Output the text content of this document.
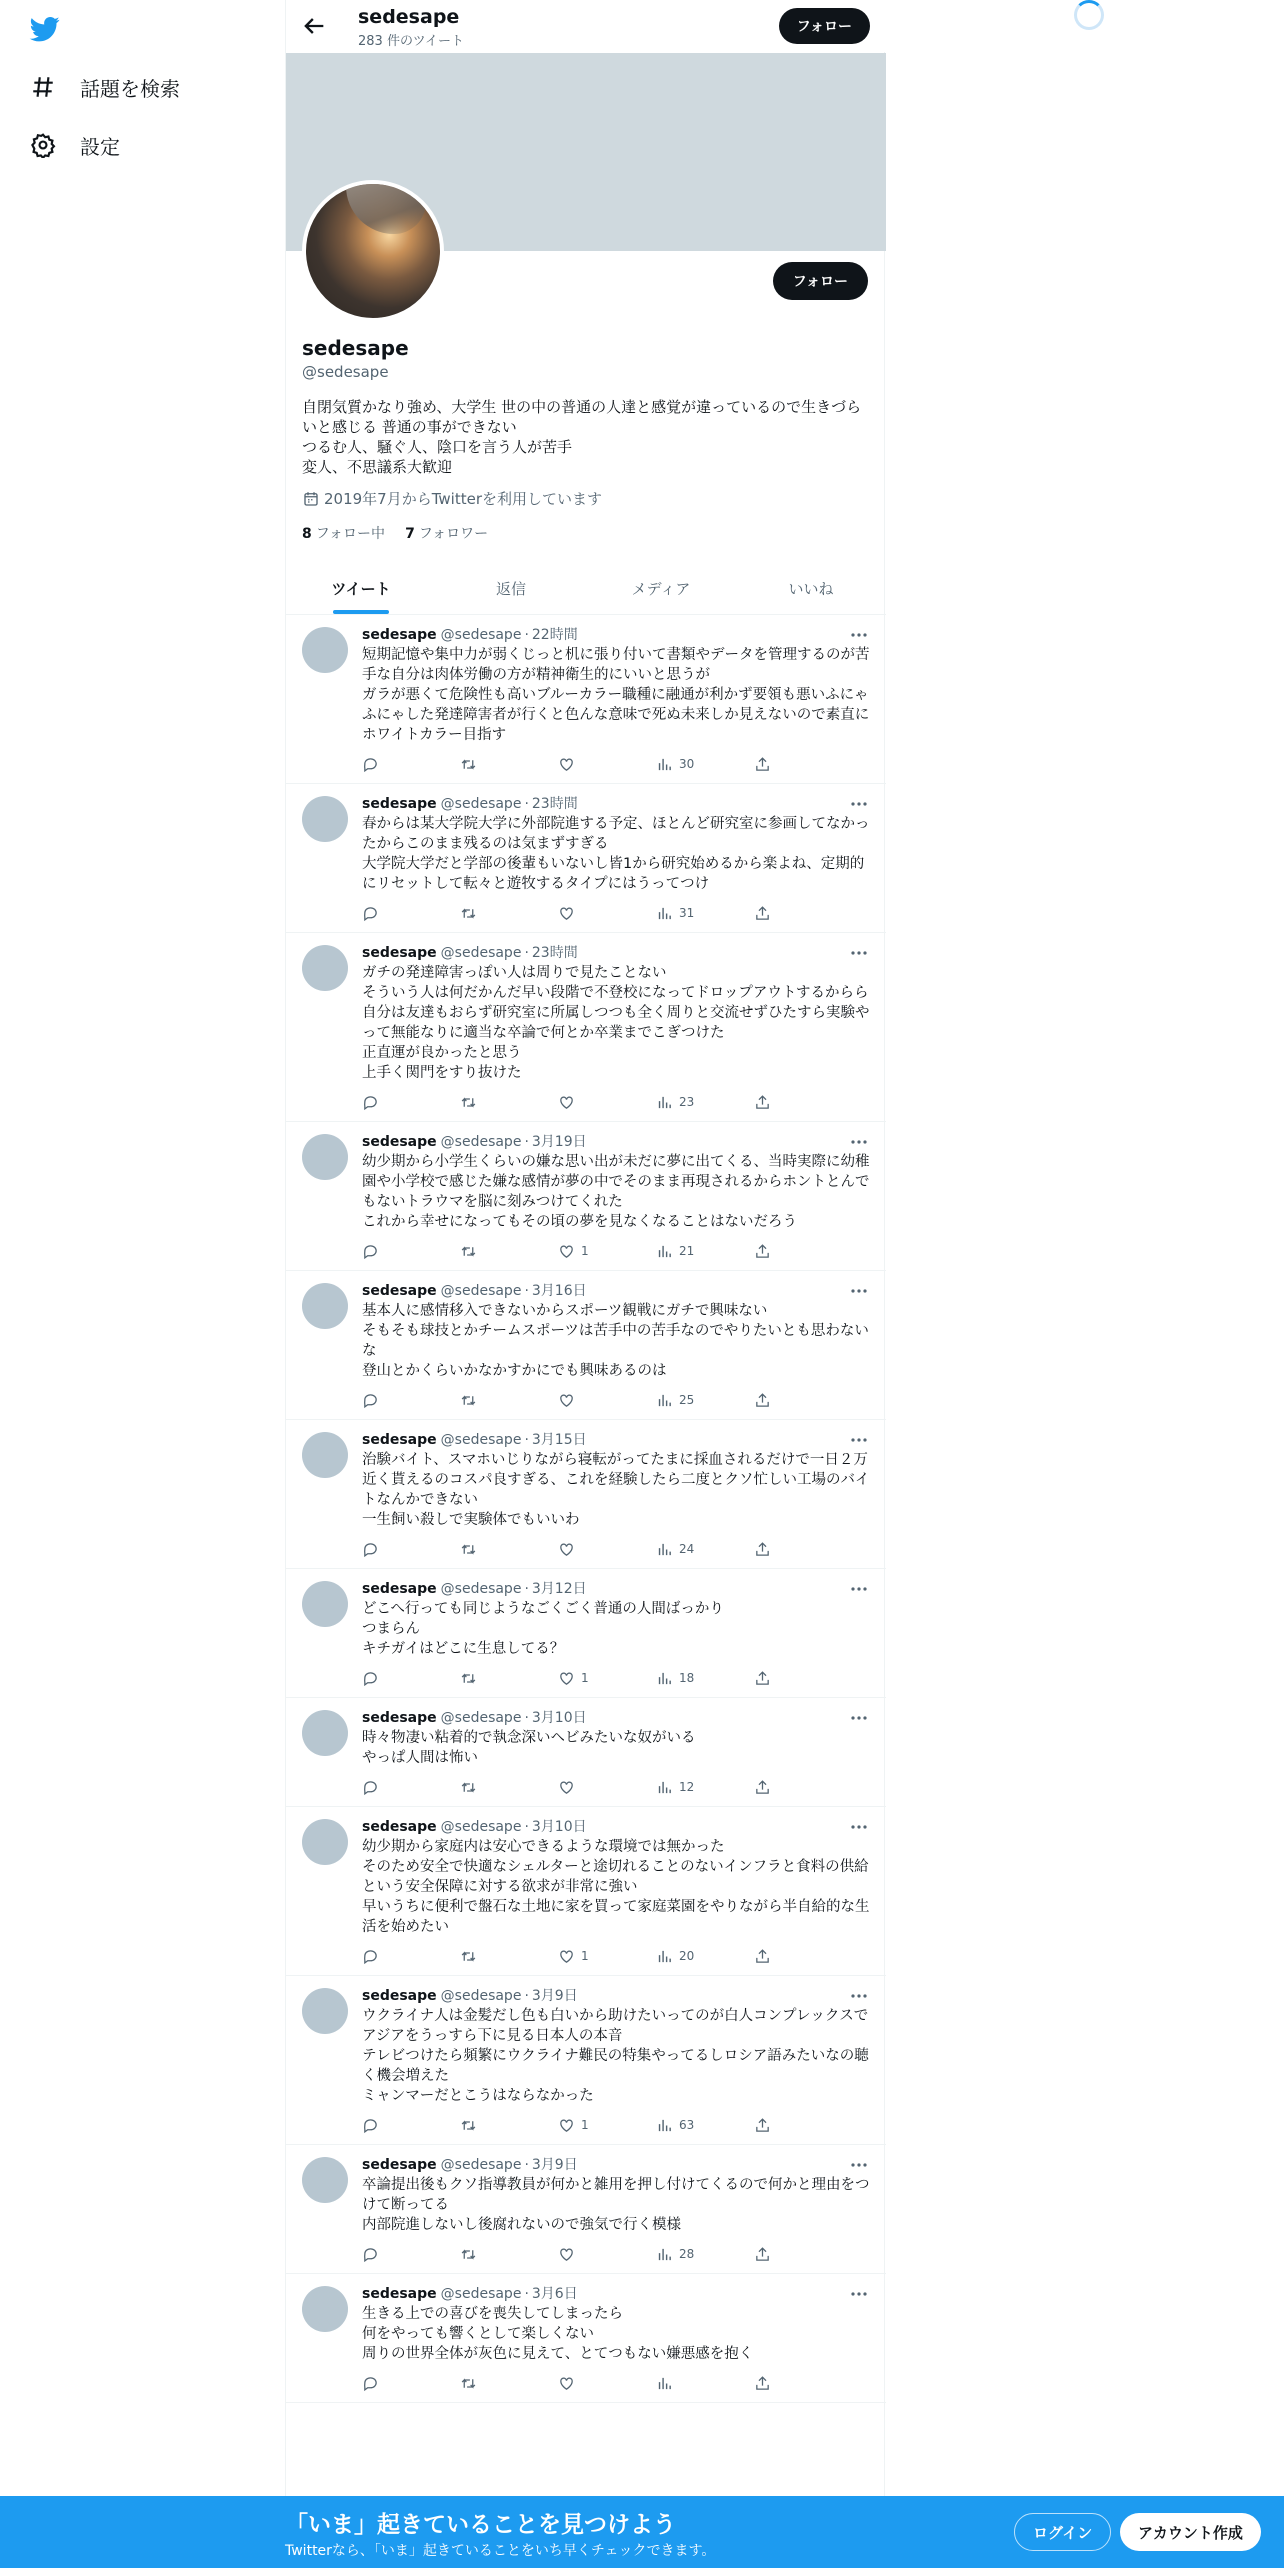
話題を検索
設定
sedesape
283 件のツイート
フォロー
フォロー
sedesape
@sedesape
自閉気質かなり強め、大学生 世の中の普通の人達と感覚が違っているので生きづらいと感じる 普通の事ができない
つるむ人、騒ぐ人、陰口を言う人が苦手
変人、不思議系大歓迎
2019年7月からTwitterを利用しています
8 フォロー中 7 フォロワー
ツイート	返信	メディア	いいね
sedesape @sedesape · 22時間
短期記憶や集中力が弱くじっと机に張り付いて書類やデータを管理するのが苦手な自分は肉体労働の方が精神衛生的にいいと思うが
ガラが悪くて危険性も高いブルーカラー職種に融通が利かず要領も悪いふにゃふにゃした発達障害者が行くと色んな意味で死ぬ未来しか見えないので素直にホワイトカラー目指す
30
sedesape @sedesape · 23時間
春からは某大学院大学に外部院進する予定、ほとんど研究室に参画してなかったからこのまま残るのは気まずすぎる
大学院大学だと学部の後輩もいないし皆1から研究始めるから楽よね、定期的にリセットして転々と遊牧するタイプにはうってつけ
31
sedesape @sedesape · 23時間
ガチの発達障害っぽい人は周りで見たことない
そういう人は何だかんだ早い段階で不登校になってドロップアウトするからら
自分は友達もおらず研究室に所属しつつも全く周りと交流せずひたすら実験やって無能なりに適当な卒論で何とか卒業までこぎつけた
正直運が良かったと思う
上手く関門をすり抜けた
23
sedesape @sedesape · 3月19日
幼少期から小学生くらいの嫌な思い出が未だに夢に出てくる、当時実際に幼稚園や小学校で感じた嫌な感情が夢の中でそのまま再現されるからホントとんでもないトラウマを脳に刻みつけてくれた
これから幸せになってもその頃の夢を見なくなることはないだろう
1	21
sedesape @sedesape · 3月16日
基本人に感情移入できないからスポーツ観戦にガチで興味ない
そもそも球技とかチームスポーツは苦手中の苦手なのでやりたいとも思わないな
登山とかくらいかなかすかにでも興味あるのは
25
sedesape @sedesape · 3月15日
治験バイト、スマホいじりながら寝転がってたまに採血されるだけで一日２万近く貰えるのコスパ良すぎる、これを経験したら二度とクソ忙しい工場のバイトなんかできない
一生飼い殺しで実験体でもいいわ
24
sedesape @sedesape · 3月12日
どこへ行っても同じようなごくごく普通の人間ばっかり
つまらん
キチガイはどこに生息してる？
1	18
sedesape @sedesape · 3月10日
時々物凄い粘着的で執念深いヘビみたいな奴がいる
やっぱ人間は怖い
12
sedesape @sedesape · 3月10日
幼少期から家庭内は安心できるような環境では無かった
そのため安全で快適なシェルターと途切れることのないインフラと食料の供給という安全保障に対する欲求が非常に強い
早いうちに便利で盤石な土地に家を買って家庭菜園をやりながら半自給的な生活を始めたい
1	20
sedesape @sedesape · 3月9日
ウクライナ人は金髪だし色も白いから助けたいってのが白人コンプレックスでアジアをうっすら下に見る日本人の本音
テレビつけたら頻繁にウクライナ難民の特集やってるしロシア語みたいなの聴く機会増えた
ミャンマーだとこうはならなかった
1	63
sedesape @sedesape · 3月9日
卒論提出後もクソ指導教員が何かと雑用を押し付けてくるので何かと理由をつけて断ってる
内部院進しないし後腐れないので強気で行く模様
28
sedesape @sedesape · 3月6日
生きる上での喜びを喪失してしまったら
何をやっても響くとして楽しくない
周りの世界全体が灰色に見えて、とてつもない嫌悪感を抱く
「いま」起きていることを見つけよう
Twitterなら、「いま」起きていることをいち早くチェックできます。
ログイン	アカウント作成
